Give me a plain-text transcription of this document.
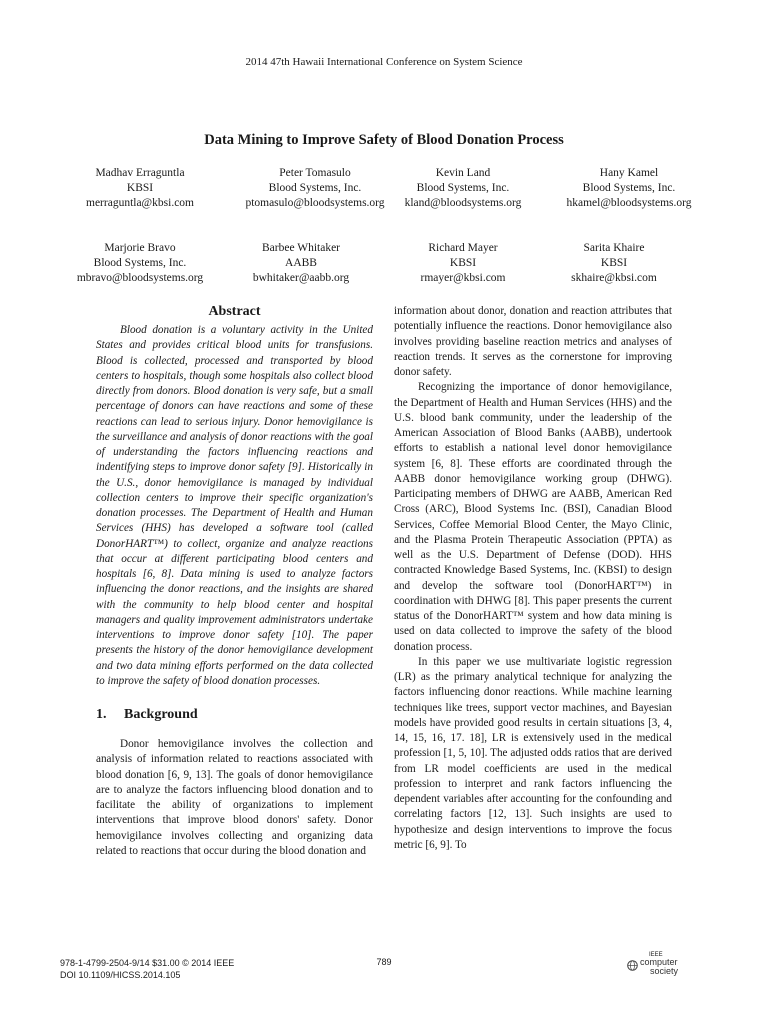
2014 47th Hawaii International Conference on System Science
Data Mining to Improve Safety of Blood Donation Process
Madhav Erraguntla
KBSI
merraguntla@kbsi.com
Peter Tomasulo
Blood Systems, Inc.
ptomasulo@bloodsystems.org
Kevin Land
Blood Systems, Inc.
kland@bloodsystems.org
Hany Kamel
Blood Systems, Inc.
hkamel@bloodsystems.org
Marjorie Bravo
Blood Systems, Inc.
mbravo@bloodsystems.org
Barbee Whitaker
AABB
bwhitaker@aabb.org
Richard Mayer
KBSI
rmayer@kbsi.com
Sarita Khaire
KBSI
skhaire@kbsi.com
Abstract

Blood donation is a voluntary activity in the United States and provides critical blood units for transfusions. Blood is collected, processed and transported by blood centers to hospitals, though some hospitals also collect blood directly from donors. Blood donation is very safe, but a small percentage of donors can have reactions and some of these reactions can lead to serious injury. Donor hemovigilance is the surveillance and analysis of donor reactions with the goal of understanding the factors influencing reactions and indentifying steps to improve donor safety [9]. Historically in the U.S., donor hemovigilance is managed by individual collection centers to improve their specific organization's donation processes. The Department of Health and Human Services (HHS) has developed a software tool (called DonorHART™) to collect, organize and analyze reactions that occur at different participating blood centers and hospitals [6, 8]. Data mining is used to analyze factors influencing the donor reactions, and the insights are shared with the community to help blood center and hospital managers and quality improvement administrators undertake interventions to improve donor safety [10]. The paper presents the history of the donor hemovigilance development and two data mining efforts performed on the data collected to improve the safety of blood donation processes.

1. Background

Donor hemovigilance involves the collection and analysis of information related to reactions associated with blood donation [6, 9, 13]. The goals of donor hemovigilance are to analyze the factors influencing blood donation and to facilitate the ability of organizations to implement interventions that improve blood donors' safety. Donor hemovigilance involves collecting and organizing data related to reactions that occur during the blood donation and

information about donor, donation and reaction attributes that potentially influence the reactions. Donor hemovigilance also involves providing baseline reaction metrics and analyses of reaction trends. It serves as the cornerstone for improving donor safety.

Recognizing the importance of donor hemovigilance, the Department of Health and Human Services (HHS) and the U.S. blood bank community, under the leadership of the American Association of Blood Banks (AABB), undertook efforts to establish a national level donor hemovigilance system [6, 8]. These efforts are coordinated through the AABB donor hemovigilance working group (DHWG). Participating members of DHWG are AABB, American Red Cross (ARC), Blood Systems Inc. (BSI), Canadian Blood Services, Coffee Memorial Blood Center, the Mayo Clinic, and the Plasma Protein Therapeutic Association (PPTA) as well as the U.S. Department of Defense (DOD). HHS contracted Knowledge Based Systems, Inc. (KBSI) to design and develop the software tool (DonorHART™) in coordination with DHWG [8]. This paper presents the current status of the DonorHART™ system and how data mining is used on data collected to improve the safety of the blood donation process.

In this paper we use multivariate logistic regression (LR) as the primary analytical technique for analyzing the factors influencing donor reactions. While machine learning techniques like trees, support vector machines, and Bayesian models have provided good results in certain situations [3, 4, 14, 15, 16, 17. 18], LR is extensively used in the medical profession [1, 5, 10]. The adjusted odds ratios that are derived from LR model coefficients are used in the medical profession to interpret and rank factors influencing the dependent variables after accounting for the confounding and correlating factors [12, 13]. Such insights are used to hypothesize and design interventions to improve the focus metric [6, 9]. To

978-1-4799-2504-9/14 $31.00 © 2014 IEEE
DOI 10.1109/HICSS.2014.105
789
IEEE
computer
society
